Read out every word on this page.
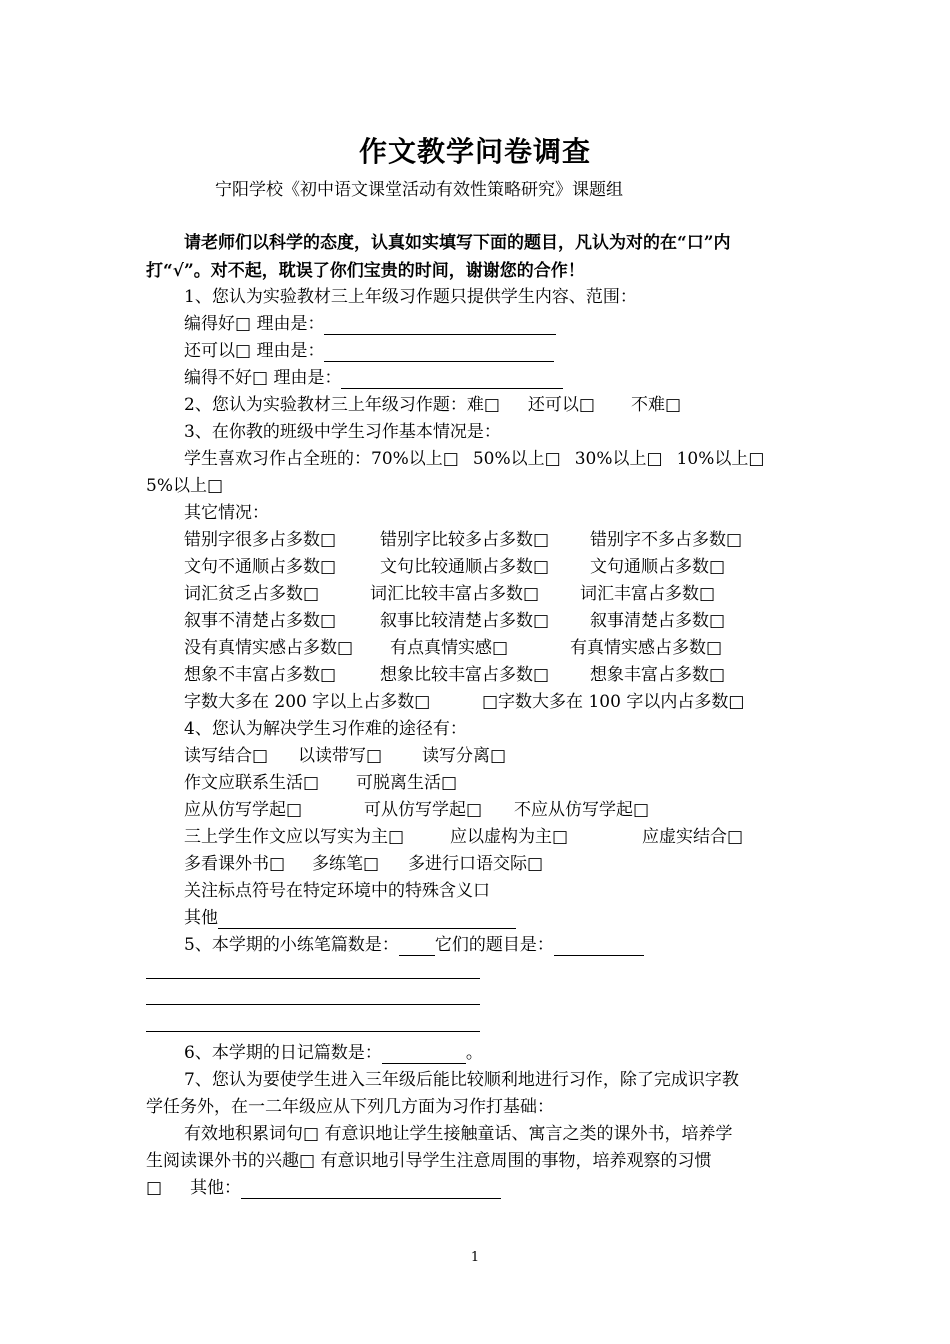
作文教学问卷调查
宁阳学校《初中语文课堂活动有效性策略研究》课题组
请老师们以科学的态度，认真如实填写下面的题目，凡认为对的在“口”内
打“√”。对不起，耽误了你们宝贵的时间，谢谢您的合作！
1、您认为实验教材三上年级习作题只提供学生内容、范围：
编得好□ 理由是：
还可以□ 理由是：
编得不好□ 理由是：
2、您认为实验教材三上年级习作题：难□ 还可以□ 不难□
3、在你教的班级中学生习作基本情况是：
学生喜欢习作占全班的：70%以上□ 50%以上□ 30%以上□ 10%以上□
5%以上□
其它情况：
错别字很多占多数□	错别字比较多占多数□ 错别字不多占多数□
文句不通顺占多数□	文句比较通顺占多数□ 文句通顺占多数□
词汇贫乏占多数□	词汇比较丰富占多数□ 词汇丰富占多数□
叙事不清楚占多数□	叙事比较清楚占多数□ 叙事清楚占多数□
没有真情实感占多数□ 有点真情实感□	有真情实感占多数□
想象不丰富占多数□	想象比较丰富占多数□ 想象丰富占多数□
字数大多在 200 字以上占多数□	□字数大多在 100 字以内占多数□
4、您认为解决学生习作难的途径有：
读写结合□ 以读带写□ 读写分离□
作文应联系生活□ 可脱离生活□
应从仿写学起□	可从仿写学起□ 不应从仿写学起□
三上学生作文应以写实为主□	应以虚构为主□	应虚实结合□
多看课外书□ 多练笔□ 多进行口语交际□
关注标点符号在特定环境中的特殊含义口
其他
5、本学期的小练笔篇数是： 它们的题目是：
6、本学期的日记篇数是：	。
7、您认为要使学生进入三年级后能比较顺利地进行习作，除了完成识字教
学任务外，在一二年级应从下列几方面为习作打基础：
有效地积累词句□ 有意识地让学生接触童话、寓言之类的课外书，培养学
生阅读课外书的兴趣□ 有意识地引导学生注意周围的事物，培养观察的习惯
□ 其他：
1
